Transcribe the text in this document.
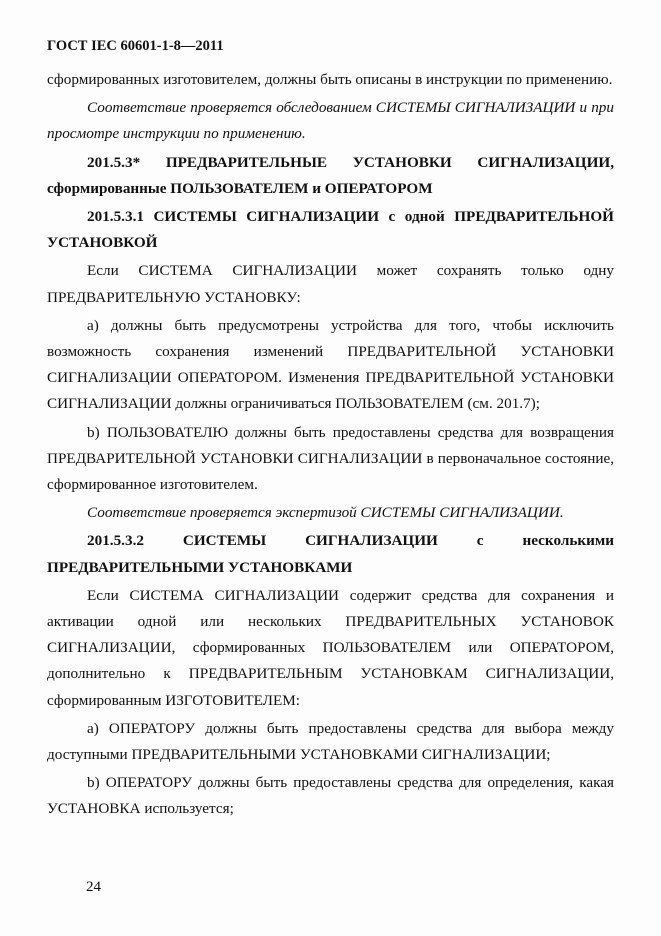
ГОСТ IEC 60601-1-8—2011

сформированных изготовителем, должны быть описаны в инструкции по применению.

Соответствие проверяется обследованием СИСТЕМЫ СИГНАЛИЗАЦИИ и при просмотре инструкции по применению.

201.5.3* ПРЕДВАРИТЕЛЬНЫЕ УСТАНОВКИ СИГНАЛИЗАЦИИ, сформированные ПОЛЬЗОВАТЕЛЕМ и ОПЕРАТОРОМ

201.5.3.1 СИСТЕМЫ СИГНАЛИЗАЦИИ с одной ПРЕДВАРИТЕЛЬНОЙ УСТАНОВКОЙ

Если СИСТЕМА СИГНАЛИЗАЦИИ может сохранять только одну ПРЕДВАРИТЕЛЬНУЮ УСТАНОВКУ:

а) должны быть предусмотрены устройства для того, чтобы исключить возможность сохранения изменений ПРЕДВАРИТЕЛЬНОЙ УСТАНОВКИ СИГНАЛИЗАЦИИ ОПЕРАТОРОМ. Изменения ПРЕДВАРИТЕЛЬНОЙ УСТАНОВКИ СИГНАЛИЗАЦИИ должны ограничиваться ПОЛЬЗОВАТЕЛЕМ (см. 201.7);

b) ПОЛЬЗОВАТЕЛЮ должны быть предоставлены средства для возвращения ПРЕДВАРИТЕЛЬНОЙ УСТАНОВКИ СИГНАЛИЗАЦИИ в первоначальное состояние, сформированное изготовителем.

Соответствие проверяется экспертизой СИСТЕМЫ СИГНАЛИЗАЦИИ.

201.5.3.2 СИСТЕМЫ СИГНАЛИЗАЦИИ с несколькими ПРЕДВАРИТЕЛЬНЫМИ УСТАНОВКАМИ

Если СИСТЕМА СИГНАЛИЗАЦИИ содержит средства для сохранения и активации одной или нескольких ПРЕДВАРИТЕЛЬНЫХ УСТАНОВОК СИГНАЛИЗАЦИИ, сформированных ПОЛЬЗОВАТЕЛЕМ или ОПЕРАТОРОМ, дополнительно к ПРЕДВАРИТЕЛЬНЫМ УСТАНОВКАМ СИГНАЛИЗАЦИИ, сформированным ИЗГОТОВИТЕЛЕМ:

а) ОПЕРАТОРУ должны быть предоставлены средства для выбора между доступными ПРЕДВАРИТЕЛЬНЫМИ УСТАНОВКАМИ СИГНАЛИЗАЦИИ;

b) ОПЕРАТОРУ должны быть предоставлены средства для определения, какая УСТАНОВКА используется;

24
